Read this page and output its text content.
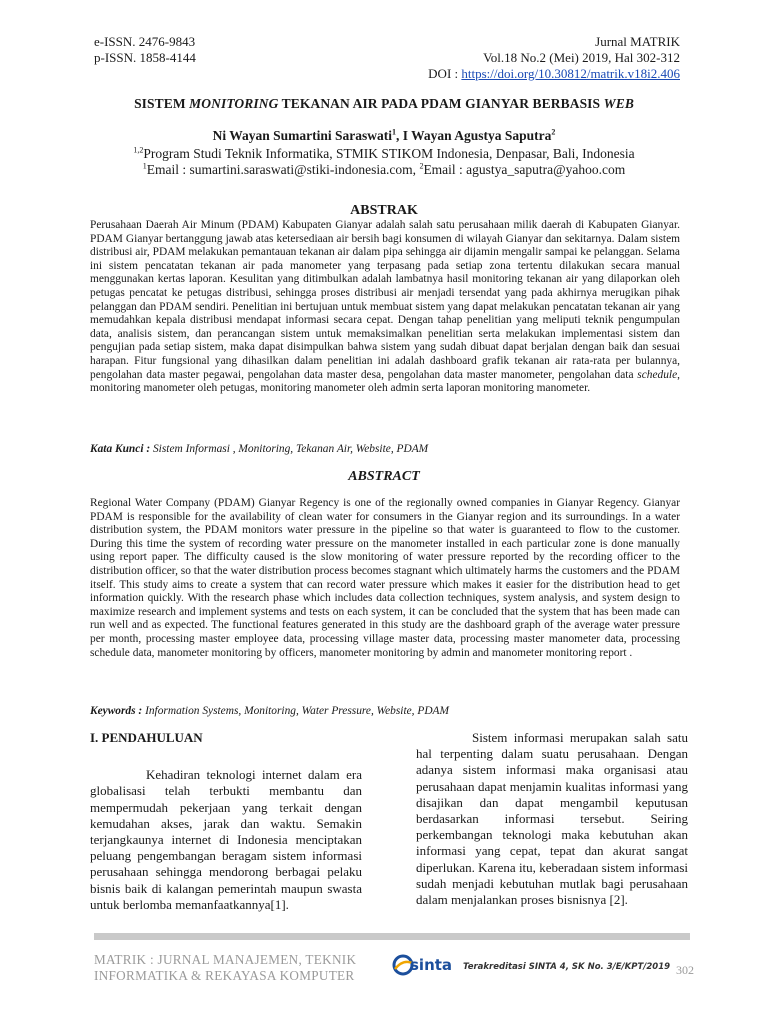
e-ISSN. 2476-9843
p-ISSN. 1858-4144
Jurnal MATRIK
Vol.18 No.2 (Mei) 2019, Hal 302-312
DOI : https://doi.org/10.30812/matrik.v18i2.406
SISTEM MONITORING TEKANAN AIR PADA PDAM GIANYAR BERBASIS WEB
Ni Wayan Sumartini Saraswati$^1$, I Wayan Agustya Saputra$^2$
$^{1,2}$Program Studi Teknik Informatika, STMIK STIKOM Indonesia, Denpasar, Bali, Indonesia
$^1$Email : sumartini.saraswati@stiki-indonesia.com, $^2$Email : agustya_saputra@yahoo.com
ABSTRAK
Perusahaan Daerah Air Minum (PDAM) Kabupaten Gianyar adalah salah satu perusahaan milik daerah di Kabupaten Gianyar. PDAM Gianyar bertanggung jawab atas ketersediaan air bersih bagi konsumen di wilayah Gianyar dan sekitarnya. Dalam sistem distribusi air, PDAM melakukan pemantauan tekanan air dalam pipa sehingga air dijamin mengalir sampai ke pelanggan. Selama ini sistem pencatatan tekanan air pada manometer yang terpasang pada setiap zona tertentu dilakukan secara manual menggunakan kertas laporan. Kesulitan yang ditimbulkan adalah lambatnya hasil monitoring tekanan air yang dilaporkan oleh petugas pencatat ke petugas distribusi, sehingga proses distribusi air menjadi tersendat yang pada akhirnya merugikan pihak pelanggan dan PDAM sendiri. Penelitian ini bertujuan untuk membuat sistem yang dapat melakukan pencatatan tekanan air yang memudahkan kepala distribusi mendapat informasi secara cepat. Dengan tahap penelitian yang meliputi teknik pengumpulan data, analisis sistem, dan perancangan sistem untuk memaksimalkan penelitian serta melakukan implementasi sistem dan pengujian pada setiap sistem, maka dapat disimpulkan bahwa sistem yang sudah dibuat dapat berjalan dengan baik dan sesuai harapan. Fitur fungsional yang dihasilkan dalam penelitian ini adalah dashboard grafik tekanan air rata-rata per bulannya, pengolahan data master pegawai, pengolahan data master desa, pengolahan data master manometer, pengolahan data schedule, monitoring manometer oleh petugas, monitoring manometer oleh admin serta laporan monitoring manometer.
Kata Kunci : Sistem Informasi , Monitoring, Tekanan Air, Website, PDAM
ABSTRACT
Regional Water Company (PDAM) Gianyar Regency is one of the regionally owned companies in Gianyar Regency. Gianyar PDAM is responsible for the availability of clean water for consumers in the Gianyar region and its surroundings. In a water distribution system, the PDAM monitors water pressure in the pipeline so that water is guaranteed to flow to the customer. During this time the system of recording water pressure on the manometer installed in each particular zone is done manually using report paper. The difficulty caused is the slow monitoring of water pressure reported by the recording officer to the distribution officer, so that the water distribution process becomes stagnant which ultimately harms the customers and the PDAM itself. This study aims to create a system that can record water pressure which makes it easier for the distribution head to get information quickly. With the research phase which includes data collection techniques, system analysis, and system design to maximize research and implement systems and tests on each system, it can be concluded that the system that has been made can run well and as expected. The functional features generated in this study are the dashboard graph of the average water pressure per month, processing master employee data, processing village master data, processing master manometer data, processing schedule data, manometer monitoring by officers, manometer monitoring by admin and manometer monitoring report .
Keywords : Information Systems, Monitoring, Water Pressure, Website, PDAM
I. PENDAHULUAN
Kehadiran teknologi internet dalam era globalisasi telah terbukti membantu dan mempermudah pekerjaan yang terkait dengan kemudahan akses, jarak dan waktu. Semakin terjangkaunya internet di Indonesia menciptakan peluang pengembangan beragam sistem informasi perusahaan sehingga mendorong berbagai pelaku bisnis baik di kalangan pemerintah maupun swasta untuk berlomba memanfaatkannya[1].
Sistem informasi merupakan salah satu hal terpenting dalam suatu perusahaan. Dengan adanya sistem informasi maka organisasi atau perusahaan dapat menjamin kualitas informasi yang disajikan dan dapat mengambil keputusan berdasarkan informasi tersebut. Seiring perkembangan teknologi maka kebutuhan akan informasi yang cepat, tepat dan akurat sangat diperlukan. Karena itu, keberadaan sistem informasi sudah menjadi kebutuhan mutlak bagi perusahaan dalam menjalankan proses bisnisnya [2].
MATRIK : JURNAL MANAJEMEN, TEKNIK
INFORMATIKA & REKAYASA KOMPUTER
sinta Terakreditasi SINTA 4, SK No. 3/E/KPT/2019 302
